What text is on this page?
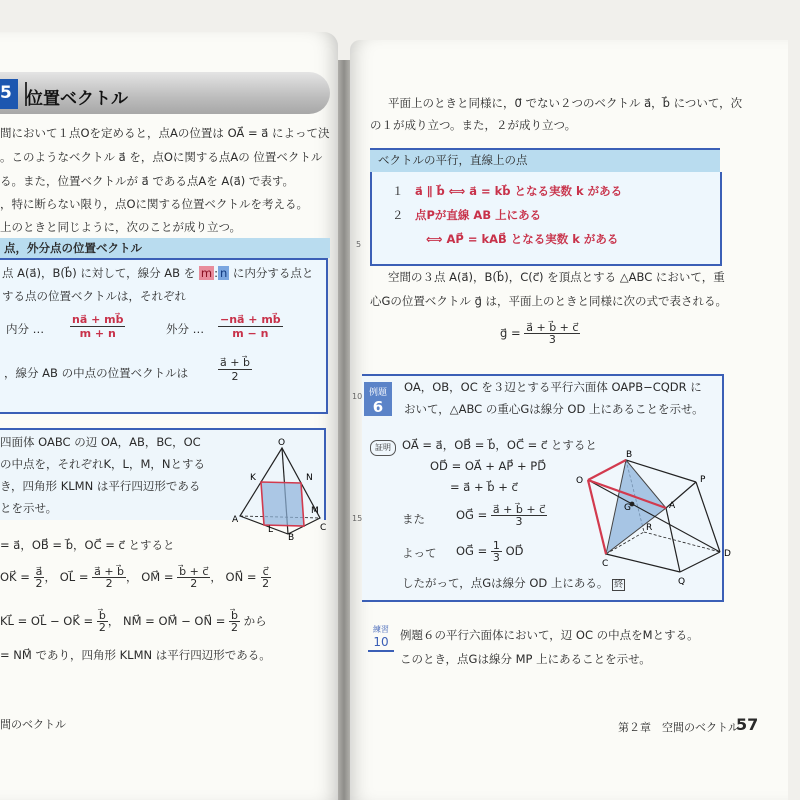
5 位置ベクトル
間において１点Oを定めると，点Aの位置は OA⃗ = a⃗ によって決
。このようなベクトル a⃗ を，点Oに関する点Aの 位置ベクトル
る。また，位置ベクトルが a⃗ である点Aを A(a⃗) で表す。
，特に断らない限り，点Oに関する位置ベクトルを考える。
上のときと同じように，次のことが成り立つ。
点，外分点の位置ベクトル
点 A(a⃗)，B(b⃗) に対して，線分 AB を m : n に内分する点と
する点の位置ベクトルは，それぞれ
内分 … $\frac{na⃗ + mb⃗}{m + n}$	外分 … $\frac{-na⃗ + mb⃗}{m - n}$
，線分 AB の中点の位置ベクトルは	$\frac{a⃗ + b⃗}{2}$
四面体 OABC の辺 OA，AB，BC，OC
の中点を，それぞれK，L，M，Nとする
き，四角形 KLMN は平行四辺形である
とを示せ。
O
K	N
M
A
L
B
C
= a⃗，OB⃗ = b⃗，OC⃗ = c⃗ とすると
OK⃗ = $\frac{a⃗}{2}$ ， OL⃗ = $\frac{a⃗ + b⃗}{2}$ ， OM⃗ = $\frac{b⃗ + c⃗}{2}$ ， ON⃗ = $\frac{c⃗}{2}$
KL⃗ = OL⃗ − OK⃗ = $\frac{b⃗}{2}$ ， NM⃗ = OM⃗ − ON⃗ = $\frac{b⃗}{2}$ から
= NM⃗ であり，四角形 KLMN は平行四辺形である。
間のベクトル
平面上のときと同様に，0⃗ でない２つのベクトル a⃗，b⃗ について，次
の１が成り立つ。また，２が成り立つ。
ベクトルの平行，直線上の点
１　 a⃗ ∥ b⃗ ⟺ a⃗ = kb⃗ となる実数 k がある
２　 点Pが直線 AB 上にある
⟺ AP⃗ = kAB⃗ となる実数 k がある
5
空間の３点 A(a⃗)，B(b⃗)，C(c⃗) を頂点とする △ABC において，重
心Gの位置ベクトル g⃗ は，平面上のときと同様に次の式で表される。
g⃗ = $\frac{a⃗ + b⃗ + c⃗}{3}$
10 例題
6
OA，OB，OC を３辺とする平行六面体 OAPB−CQDR に
おいて，△ABC の重心Gは線分 OD 上にあることを示せ。
証明 OA⃗ = a⃗，OB⃗ = b⃗，OC⃗ = c⃗ とすると
OD⃗ = OA⃗ + AP⃗ + PD⃗
= a⃗ + b⃗ + c⃗
また	OG⃗ = $\frac{a⃗ + b⃗ + c⃗}{3}$
よって OG⃗ = $\frac{1}{3}$ OD⃗
したがって，点Gは線分 OD 上にある。 終
15
O
B
P
A
R
G
C
D
Q
練習
10 例題６の平行六面体において，辺 OC の中点をMとする。
このとき，点Gは線分 MP 上にあることを示せ。
第２章　空間のベクトル
57
